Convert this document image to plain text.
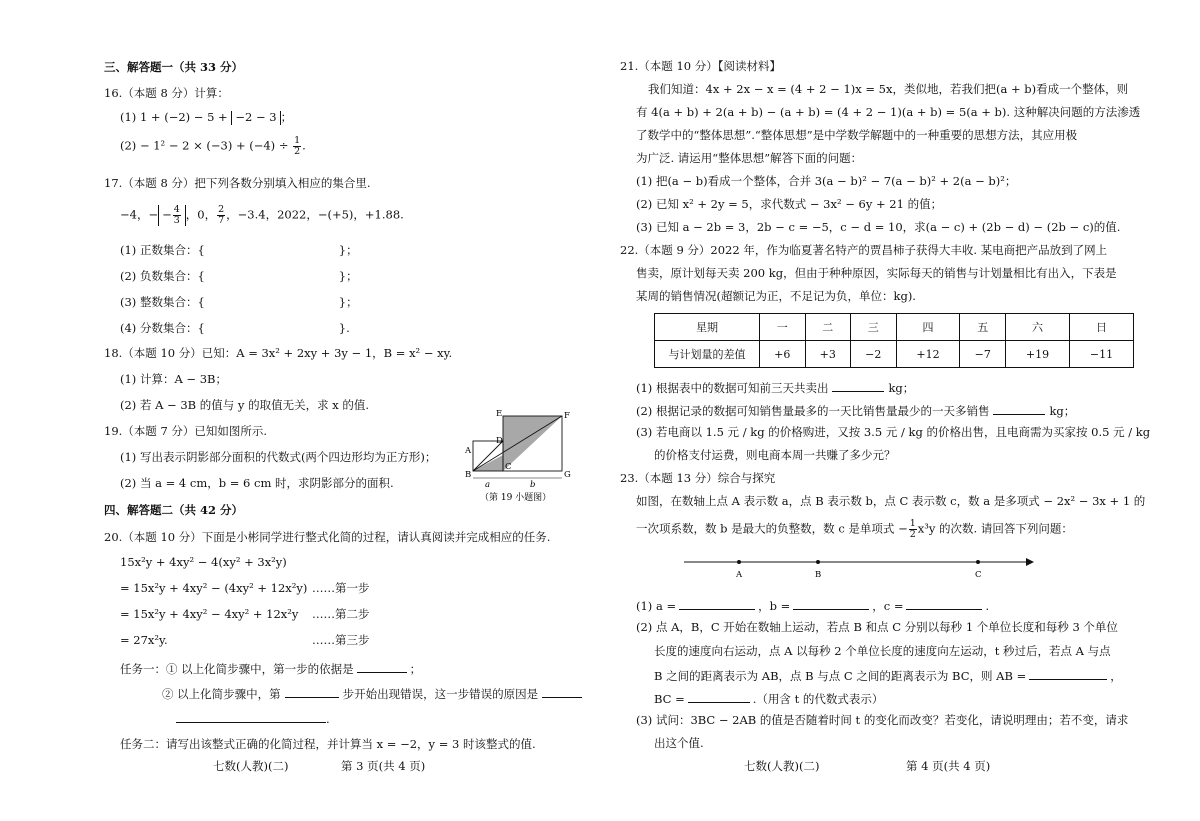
三、解答题一（共 33 分）
16.（本题 8 分）计算：
(1) 1 + (−2) − 5 + −2 − 3 ；
$(2) - 1^2 - 2 \times (-3) + (-4) \div \frac{1}{2}$ .
17.（本题 8 分）把下列各数分别填入相应的集合里.
−4，− − $\frac{4}{3}$ ，0， $\frac{2}{7}$ ，−3.4，2022，−(+5)，+1.88.
(1) 正数集合：{	}；
(2) 负数集合：{	}；
(3) 整数集合：{	}；
(4) 分数集合：{	}.
18.（本题 10 分）已知：A = 3x² + 2xy + 3y − 1，B = x² − xy.
(1) 计算：A − 3B；
(2) 若 A − 3B 的值与 y 的取值无关，求 x 的值.
19.（本题 7 分）已知如图所示.
(1) 写出表示阴影部分面积的代数式(两个四边形均为正方形)；
(2) 当 a = 4 cm，b = 6 cm 时，求阴影部分的面积.
E	F
D
A
C
B	G
a	b
（第 19 小题图）
四、解答题二（共 42 分）
20.（本题 10 分）下面是小彬同学进行整式化简的过程，请认真阅读并完成相应的任务.
15x²y + 4xy² − 4(xy² + 3x²y)
= 15x²y + 4xy² − (4xy² + 12x²y) ……第一步
= 15x²y + 4xy² − 4xy² + 12x²y ……第二步
= 27x²y.	……第三步
任务一：① 以上化简步骤中，第一步的依据是	；
② 以上化简步骤中，第	步开始出现错误，这一步错误的原因是
.
任务二：请写出该整式正确的化简过程，并计算当 x = −2，y = 3 时该整式的值.
七数(人教)(二)	第 3 页(共 4 页)
21.（本题 10 分）【阅读材料】
我们知道：4x + 2x − x = (4 + 2 − 1)x = 5x，类似地，若我们把(a + b)看成一个整体，则
有 4(a + b) + 2(a + b) − (a + b) = (4 + 2 − 1)(a + b) = 5(a + b). 这种解决问题的方法渗透
了数学中的“整体思想”.“整体思想”是中学数学解题中的一种重要的思想方法，其应用极
为广泛. 请运用“整体思想”解答下面的问题：
(1) 把(a − b)看成一个整体，合并 3(a − b)² − 7(a − b)² + 2(a − b)²；
(2) 已知 x² + 2y = 5，求代数式 − 3x² − 6y + 21 的值；
(3) 已知 a − 2b = 3，2b − c = −5，c − d = 10，求(a − c) + (2b − d) − (2b − c)的值.
22.（本题 9 分）2022 年，作为临夏著名特产的贾昌柿子获得大丰收. 某电商把产品放到了网上
售卖，原计划每天卖 200 kg，但由于种种原因，实际每天的销售与计划量相比有出入，下表是
某周的销售情况(超额记为正，不足记为负，单位：kg).
星期	一	二	三	四	五	六	日
与计划量的差值	+6	+3	−2	+12	−7	+19	−11
(1) 根据表中的数据可知前三天共卖出	kg；
(2) 根据记录的数据可知销售量最多的一天比销售量最少的一天多销售	kg；
(3) 若电商以 1.5 元 / kg 的价格购进，又按 3.5 元 / kg 的价格出售，且电商需为买家按 0.5 元 / kg
的价格支付运费，则电商本周一共赚了多少元？
23.（本题 13 分）综合与探究
如图，在数轴上点 A 表示数 a，点 B 表示数 b，点 C 表示数 c，数 a 是多项式 − 2x² − 3x + 1 的
一次项系数，数 b 是最大的负整数，数 c 是单项式 − $\frac{1}{2} x^3y$ 的次数. 请回答下列问题：
A	B	C
(1) a =	，b =	，c =	.
(2) 点 A，B，C 开始在数轴上运动，若点 B 和点 C 分别以每秒 1 个单位长度和每秒 3 个单位
长度的速度向右运动，点 A 以每秒 2 个单位长度的速度向左运动，t 秒过后，若点 A 与点
B 之间的距离表示为 AB，点 B 与点 C 之间的距离表示为 BC，则 AB =	，
BC =	.（用含 t 的代数式表示）
(3) 试问：3BC − 2AB 的值是否随着时间 t 的变化而改变？若变化，请说明理由；若不变，请求
出这个值.
七数(人教)(二)	第 4 页(共 4 页)
